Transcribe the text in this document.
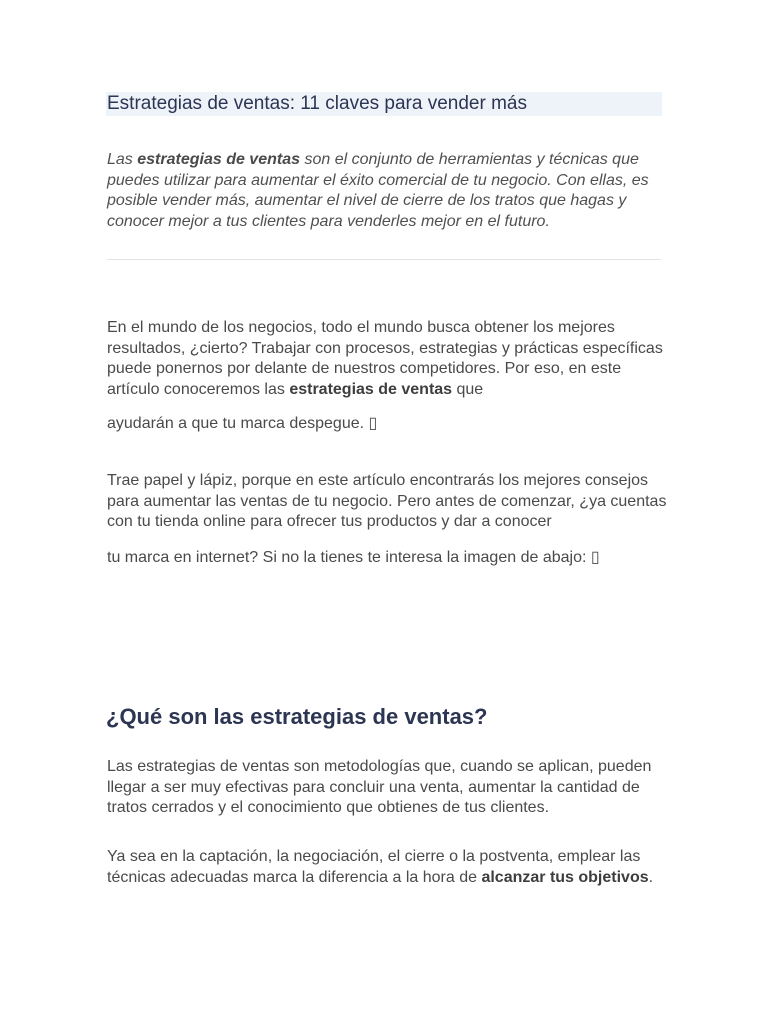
Estrategias de ventas: 11 claves para vender más

Las estrategias de ventas son el conjunto de herramientas y técnicas que puedes utilizar para aumentar el éxito comercial de tu negocio. Con ellas, es posible vender más, aumentar el nivel de cierre de los tratos que hagas y conocer mejor a tus clientes para venderles mejor en el futuro.

En el mundo de los negocios, todo el mundo busca obtener los mejores resultados, ¿cierto? Trabajar con procesos, estrategias y prácticas específicas puede ponernos por delante de nuestros competidores. Por eso, en este artículo conoceremos las estrategias de ventas que

ayudarán a que tu marca despegue. ▯

Trae papel y lápiz, porque en este artículo encontrarás los mejores consejos para aumentar las ventas de tu negocio. Pero antes de comenzar, ¿ya cuentas con tu tienda online para ofrecer tus productos y dar a conocer

tu marca en internet? Si no la tienes te interesa la imagen de abajo: ▯

¿Qué son las estrategias de ventas?

Las estrategias de ventas son metodologías que, cuando se aplican, pueden llegar a ser muy efectivas para concluir una venta, aumentar la cantidad de tratos cerrados y el conocimiento que obtienes de tus clientes.

Ya sea en la captación, la negociación, el cierre o la postventa, emplear las técnicas adecuadas marca la diferencia a la hora de alcanzar tus objetivos.
